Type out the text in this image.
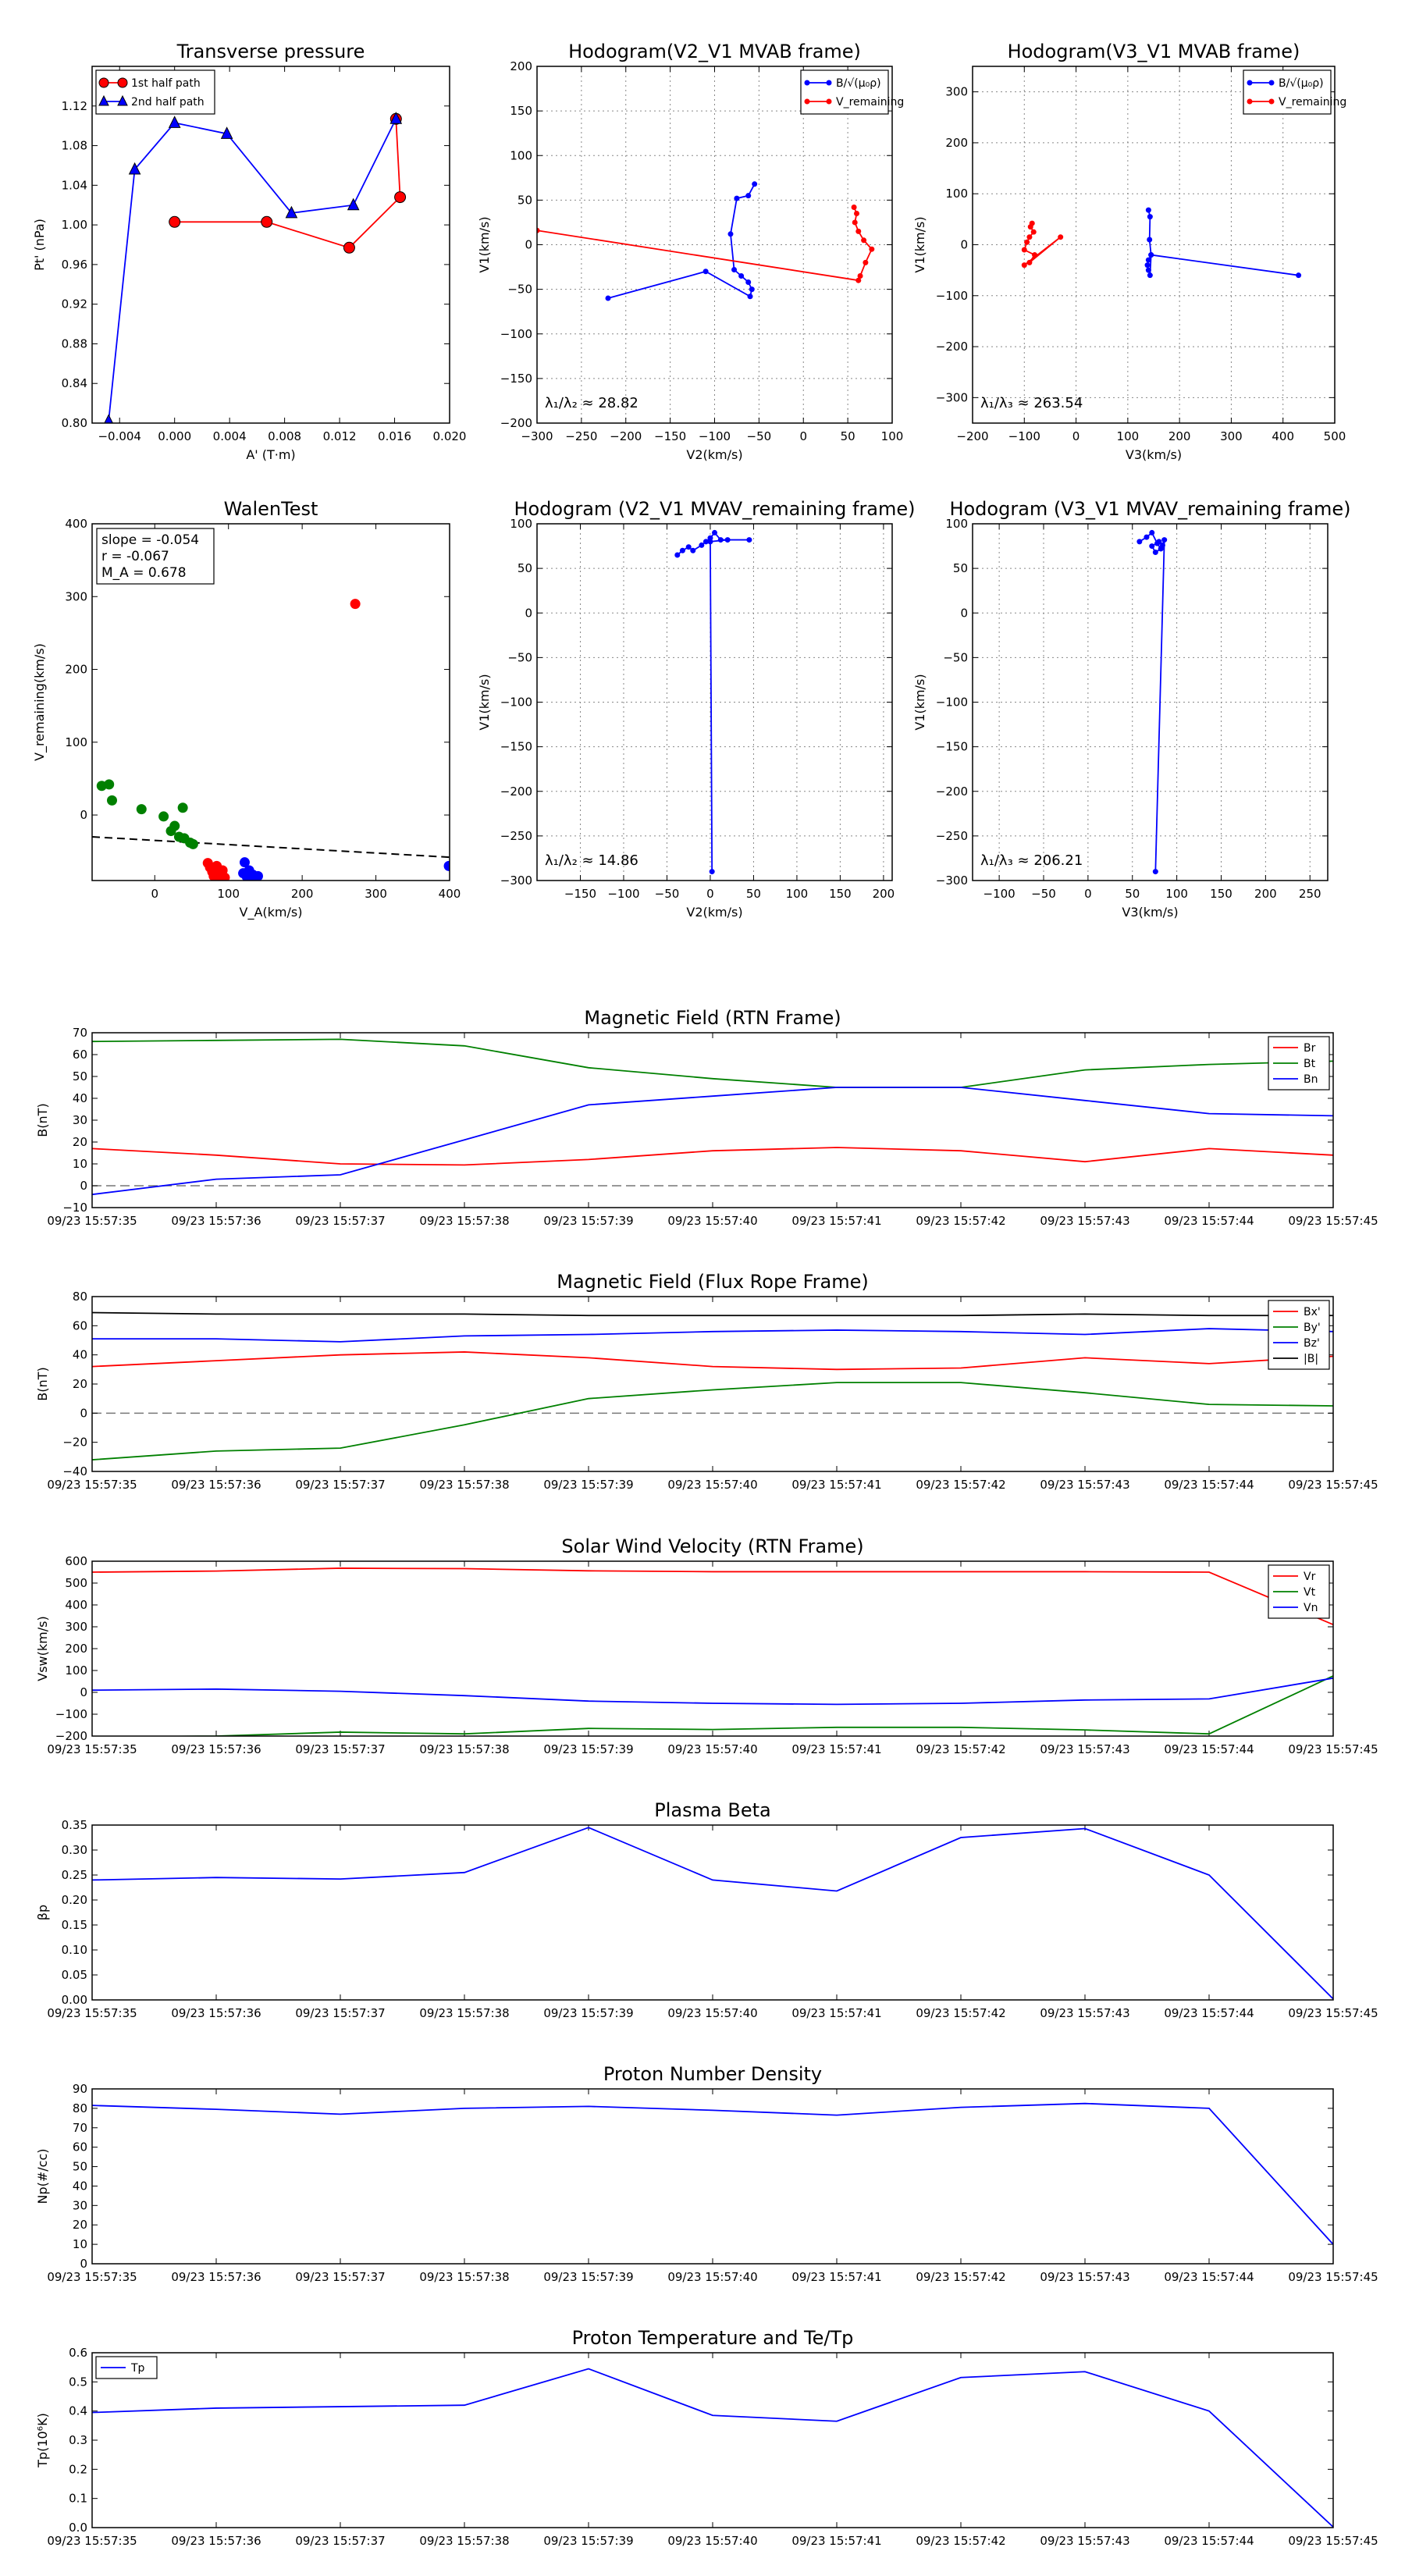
−0.004 0.000 0.004 0.008 0.012 0.016 0.020
0.80
0.84
0.88
0.92
0.96
1.00
1.04
1.08
1.12
Transverse pressure
A' (T·m)
Pt' (nPa)
1st half path
2nd half path
−300 −250 −200 −150 −100 −50 0	50 100
−200
−150
−100
−50
0
50
100
150
200
Hodogram(V2_V1 MVAB frame)
V2(km/s)
V1(km/s)
λ₁/λ₂ ≈ 28.82
B/√(μ₀ρ)
V_remaining
−200 −100	0	100	200	300	400	500
−300
−200
−100
0
100
200
300
Hodogram(V3_V1 MVAB frame)
V3(km/s)
V1(km/s)
λ₁/λ₃ ≈ 263.54
B/√(μ₀ρ)
V_remaining
0	100	200	300	400
0
100
200
300
400
WalenTest
V_A(km/s)
V_remaining(km/s)
slope = -0.054
r = -0.067
M_A = 0.678
−150 −100 −50 0	50 100 150 200
−300
−250
−200
−150
−100
−50
0
50
100
Hodogram (V2_V1 MVAV_remaining frame)
V2(km/s)
V1(km/s)
λ₁/λ₂ ≈ 14.86
−100 −50 0	50 100 150 200 250
−300
−250
−200
−150
−100
−50
0
50
100
Hodogram (V3_V1 MVAV_remaining frame)
V3(km/s)
V1(km/s)
λ₁/λ₃ ≈ 206.21
09/23 15:57:35	09/23 15:57:36	09/23 15:57:37	09/23 15:57:38	09/23 15:57:39	09/23 15:57:40	09/23 15:57:41	09/23 15:57:42	09/23 15:57:43	09/23 15:57:44	09/23 15:57:45
−10
0
10
20
30
40
50
60
70
Magnetic Field (RTN Frame)
B(nT)
Br
Bt
Bn
09/23 15:57:35	09/23 15:57:36	09/23 15:57:37	09/23 15:57:38	09/23 15:57:39	09/23 15:57:40	09/23 15:57:41	09/23 15:57:42	09/23 15:57:43	09/23 15:57:44	09/23 15:57:45
−40
−20
0
20
40
60
80
Magnetic Field (Flux Rope Frame)
B(nT)
Bx'
By'
Bz'
|B|
09/23 15:57:35	09/23 15:57:36	09/23 15:57:37	09/23 15:57:38	09/23 15:57:39	09/23 15:57:40	09/23 15:57:41	09/23 15:57:42	09/23 15:57:43	09/23 15:57:44	09/23 15:57:45
−200
−100
0
100
200
300
400
500
600
Solar Wind Velocity (RTN Frame)
Vsw(km/s)
Vr
Vt
Vn
09/23 15:57:35	09/23 15:57:36	09/23 15:57:37	09/23 15:57:38	09/23 15:57:39	09/23 15:57:40	09/23 15:57:41	09/23 15:57:42	09/23 15:57:43	09/23 15:57:44	09/23 15:57:45
0.00
0.05
0.10
0.15
0.20
0.25
0.30
0.35
Plasma Beta
βp
09/23 15:57:35	09/23 15:57:36	09/23 15:57:37	09/23 15:57:38	09/23 15:57:39	09/23 15:57:40	09/23 15:57:41	09/23 15:57:42	09/23 15:57:43	09/23 15:57:44	09/23 15:57:45
0
10
20
30
40
50
60
70
80
90
Proton Number Density
Np(#/cc)
09/23 15:57:35	09/23 15:57:36	09/23 15:57:37	09/23 15:57:38	09/23 15:57:39	09/23 15:57:40	09/23 15:57:41	09/23 15:57:42	09/23 15:57:43	09/23 15:57:44	09/23 15:57:45
0.0
0.1
0.2
0.3
0.4
0.5
0.6
Proton Temperature and Te/Tp
Tp(10⁶K)
Tp
